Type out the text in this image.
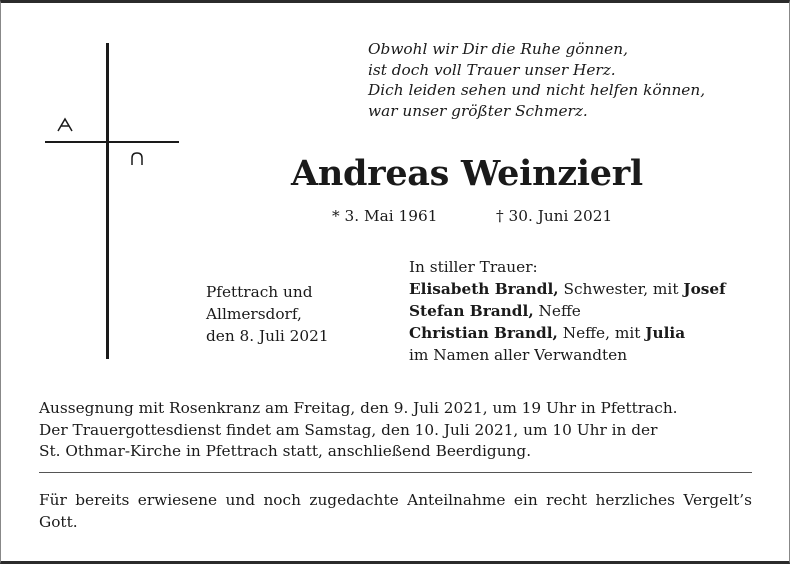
Obwohl wir Dir die Ruhe gönnen,
ist doch voll Trauer unser Herz.
Dich leiden sehen und nicht helfen können,
war unser größter Schmerz.
Andreas Weinzierl
* 3. Mai 1961	† 30. Juni 2021
Pfettrach und
Allmersdorf,
den 8. Juli 2021
In stiller Trauer:
Elisabeth Brandl, Schwester, mit Josef
Stefan Brandl, Neffe
Christian Brandl, Neffe, mit Julia
im Namen aller Verwandten
Aussegnung mit Rosenkranz am Freitag, den 9. Juli 2021, um 19 Uhr in Pfettrach.
Der Trauergottesdienst findet am Samstag, den 10. Juli 2021, um 10 Uhr in der
St. Othmar-Kirche in Pfettrach statt, anschließend Beerdigung.
Für bereits erwiesene und noch zugedachte Anteilnahme ein recht herzliches Vergelt’s Gott.
